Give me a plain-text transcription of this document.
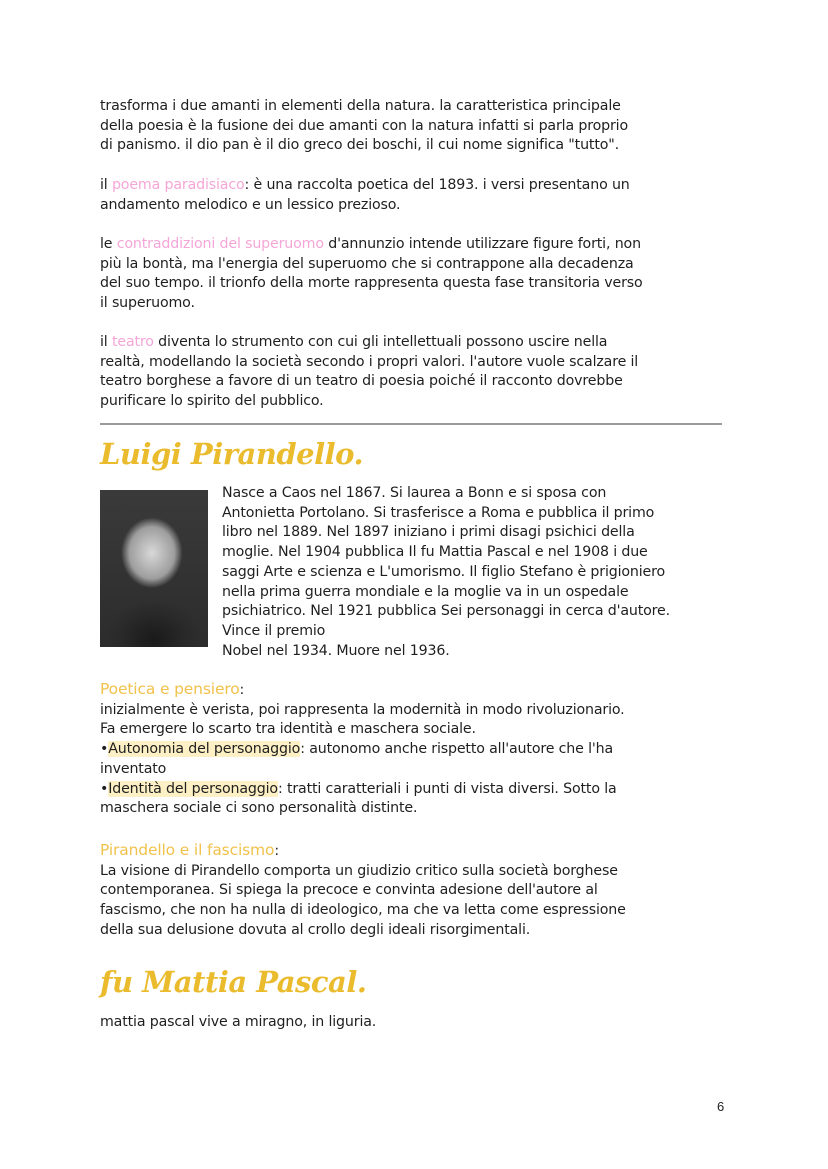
trasforma i due amanti in elementi della natura. la caratteristica principale
della poesia è la fusione dei due amanti con la natura infatti si parla proprio
di panismo. il dio pan è il dio greco dei boschi, il cui nome significa "tutto".
il poema paradisiaco: è una raccolta poetica del 1893. i versi presentano un
andamento melodico e un lessico prezioso.
le contraddizioni del superuomo d'annunzio intende utilizzare figure forti, non
più la bontà, ma l'energia del superuomo che si contrappone alla decadenza
del suo tempo. il trionfo della morte rappresenta questa fase transitoria verso
il superuomo.
il teatro diventa lo strumento con cui gli intellettuali possono uscire nella
realtà, modellando la società secondo i propri valori. l'autore vuole scalzare il
teatro borghese a favore di un teatro di poesia poiché il racconto dovrebbe
purificare lo spirito del pubblico.
Luigi Pirandello.
Nasce a Caos nel 1867. Si laurea a Bonn e si sposa con
Antonietta Portolano. Si trasferisce a Roma e pubblica il primo
libro nel 1889. Nel 1897 iniziano i primi disagi psichici della
moglie. Nel 1904 pubblica Il fu Mattia Pascal e nel 1908 i due
saggi Arte e scienza e L'umorismo. Il figlio Stefano è prigioniero
nella prima guerra mondiale e la moglie va in un ospedale
psichiatrico. Nel 1921 pubblica Sei personaggi in cerca d'autore.
Vince il premio
Nobel nel 1934. Muore nel 1936.
Poetica e pensiero:
inizialmente è verista, poi rappresenta la modernità in modo rivoluzionario.
Fa emergere lo scarto tra identità e maschera sociale.
•Autonomia del personaggio: autonomo anche rispetto all'autore che l'ha
inventato
•Identità del personaggio: tratti caratteriali i punti di vista diversi. Sotto la
maschera sociale ci sono personalità distinte.
Pirandello e il fascismo:
La visione di Pirandello comporta un giudizio critico sulla società borghese
contemporanea. Si spiega la precoce e convinta adesione dell'autore al
fascismo, che non ha nulla di ideologico, ma che va letta come espressione
della sua delusione dovuta al crollo degli ideali risorgimentali.
fu Mattia Pascal.
mattia pascal vive a miragno, in liguria.
6
